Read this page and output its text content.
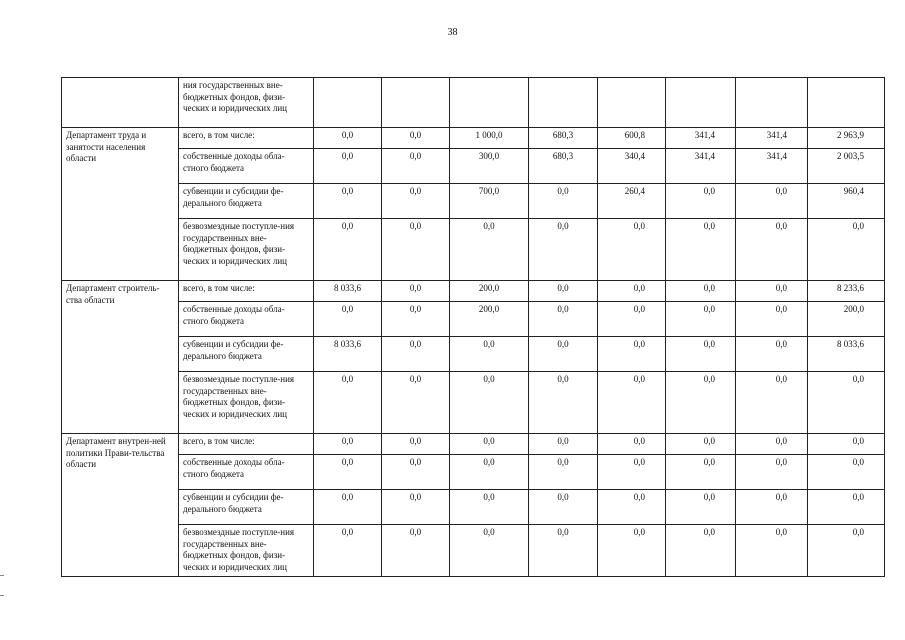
38
	ния государственных вне-бюджетных фондов, физи-ческих и юридических лиц								
Департамент труда и занятости населения области	всего, в том числе:	0,0	0,0	1 000,0	680,3	600,8	341,4	341,4	2 963,9
	собственные доходы обла-стного бюджета	0,0	0,0	300,0	680,3	340,4	341,4	341,4	2 003,5
	субвенции и субсидии фе-дерального бюджета	0,0	0,0	700,0	0,0	260,4	0,0	0,0	960,4
	безвозмездные поступле-ния государственных вне-бюджетных фондов, физи-ческих и юридических лиц	0,0	0,0	0,0	0,0	0,0	0,0	0,0	0,0
Департамент строитель-ства области	всего, в том числе:	8 033,6	0,0	200,0	0,0	0,0	0,0	0,0	8 233,6
	собственные доходы обла-стного бюджета	0,0	0,0	200,0	0,0	0,0	0,0	0,0	200,0
	субвенции и субсидии фе-дерального бюджета	8 033,6	0,0	0,0	0,0	0,0	0,0	0,0	8 033,6
	безвозмездные поступле-ния государственных вне-бюджетных фондов, физи-ческих и юридических лиц	0,0	0,0	0,0	0,0	0,0	0,0	0,0	0,0
Департамент внутрен-ней политики Прави-тельства области	всего, в том числе:	0,0	0,0	0,0	0,0	0,0	0,0	0,0	0,0
	собственные доходы обла-стного бюджета	0,0	0,0	0,0	0,0	0,0	0,0	0,0	0,0
	субвенции и субсидии фе-дерального бюджета	0,0	0,0	0,0	0,0	0,0	0,0	0,0	0,0
	безвозмездные поступле-ния государственных вне-бюджетных фондов, физи-ческих и юридических лиц	0,0	0,0	0,0	0,0	0,0	0,0	0,0	0,0
